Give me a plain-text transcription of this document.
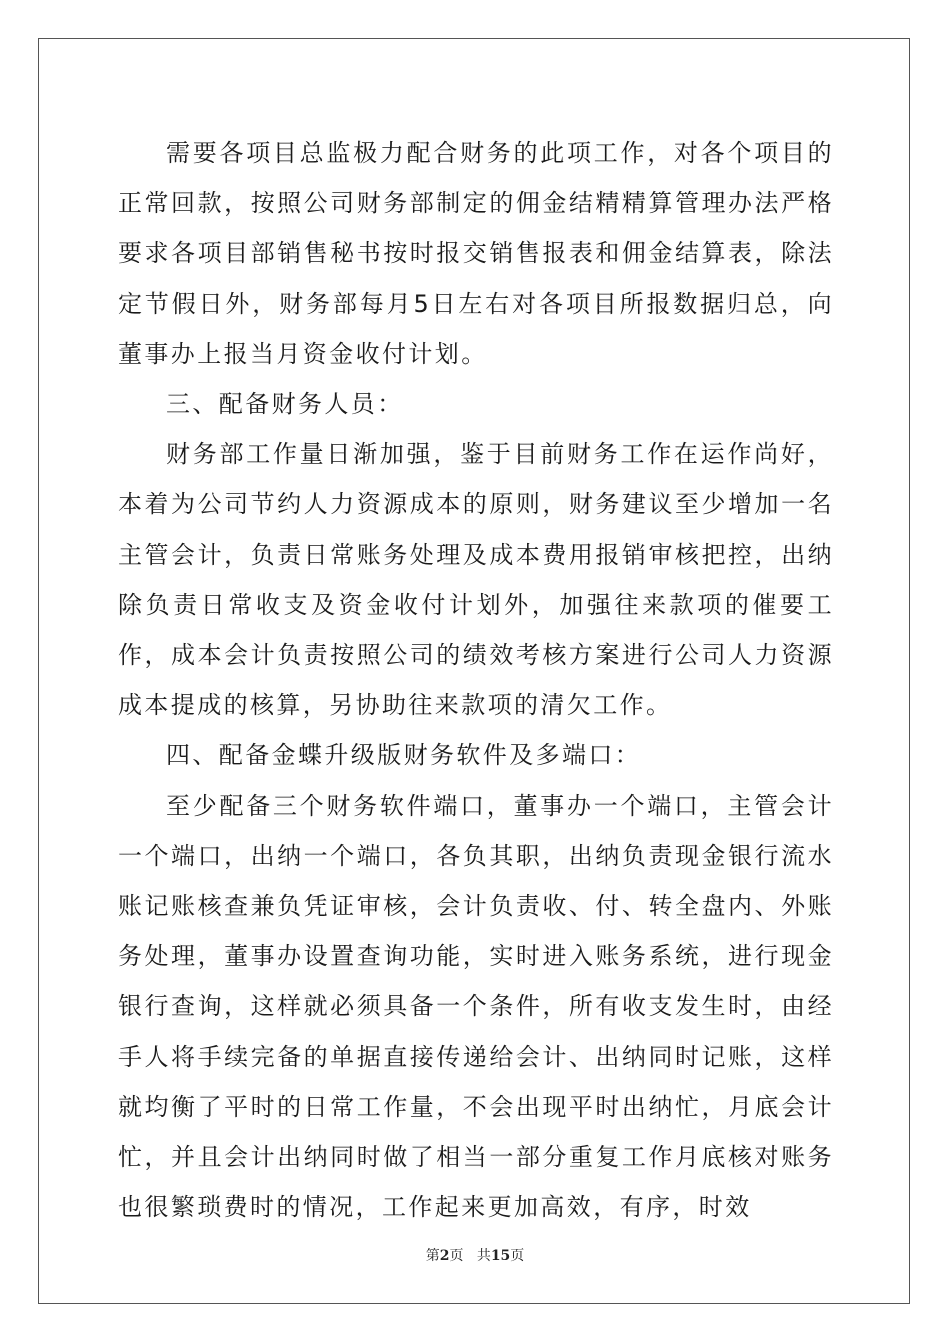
需要各项目总监极力配合财务的此项工作，对各个项目的正常回款，按照公司财务部制定的佣金结精精算管理办法严格要求各项目部销售秘书按时报交销售报表和佣金结算表，除法定节假日外，财务部每月5日左右对各项目所报数据归总，向董事办上报当月资金收付计划。

三、配备财务人员：

财务部工作量日渐加强，鉴于目前财务工作在运作尚好，本着为公司节约人力资源成本的原则，财务建议至少增加一名主管会计，负责日常账务处理及成本费用报销审核把控，出纳除负责日常收支及资金收付计划外，加强往来款项的催要工作，成本会计负责按照公司的绩效考核方案进行公司人力资源成本提成的核算，另协助往来款项的清欠工作。

四、配备金蝶升级版财务软件及多端口：

至少配备三个财务软件端口，董事办一个端口，主管会计一个端口，出纳一个端口，各负其职，出纳负责现金银行流水账记账核查兼负凭证审核，会计负责收、付、转全盘内、外账务处理，董事办设置查询功能，实时进入账务系统，进行现金银行查询，这样就必须具备一个条件，所有收支发生时，由经手人将手续完备的单据直接传递给会计、出纳同时记账，这样就均衡了平时的日常工作量，不会出现平时出纳忙，月底会计忙，并且会计出纳同时做了相当一部分重复工作月底核对账务也很繁琐费时的情况，工作起来更加高效，有序，时效

第2页 共15页
